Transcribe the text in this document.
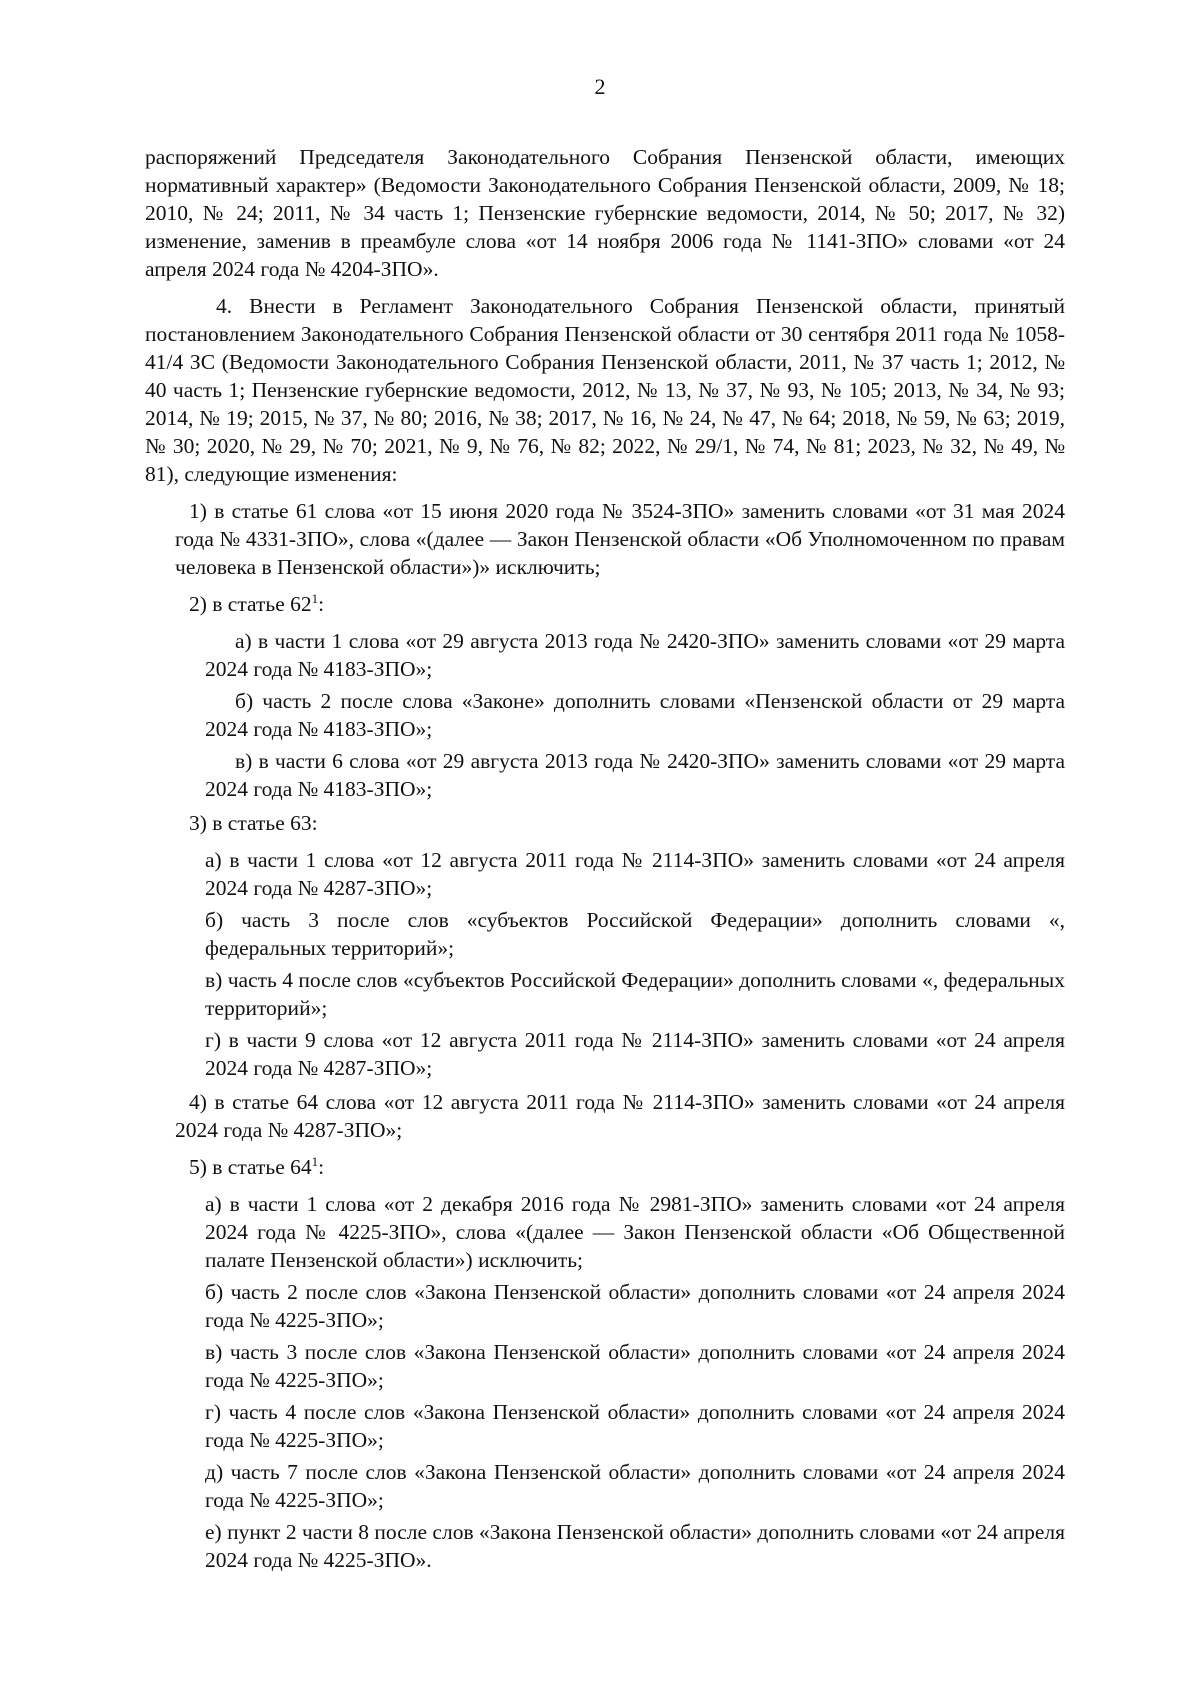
2

распоряжений Председателя Законодательного Собрания Пензенской области, имеющих нормативный характер» (Ведомости Законодательного Собрания Пензенской области, 2009, № 18; 2010, № 24; 2011, № 34 часть 1; Пензенские губернские ведомости, 2014, № 50; 2017, № 32) изменение, заменив в преамбуле слова «от 14 ноября 2006 года № 1141-ЗПО» словами «от 24 апреля 2024 года № 4204-ЗПО».

4. Внести в Регламент Законодательного Собрания Пензенской области, принятый постановлением Законодательного Собрания Пензенской области от 30 сентября 2011 года № 1058-41/4 ЗС (Ведомости Законодательного Собрания Пензенской области, 2011, № 37 часть 1; 2012, № 40 часть 1; Пензенские губернские ведомости, 2012, № 13, № 37, № 93, № 105; 2013, № 34, № 93; 2014, № 19; 2015, № 37, № 80; 2016, № 38; 2017, № 16, № 24, № 47, № 64; 2018, № 59, № 63; 2019, № 30; 2020, № 29, № 70; 2021, № 9, № 76, № 82; 2022, № 29/1, № 74, № 81; 2023, № 32, № 49, № 81), следующие изменения:

1) в статье 61 слова «от 15 июня 2020 года № 3524-ЗПО» заменить словами «от 31 мая 2024 года № 4331-ЗПО», слова «(далее — Закон Пензенской области «Об Уполномоченном по правам человека в Пензенской области»)» исключить;

2) в статье $62^1$:

а) в части 1 слова «от 29 августа 2013 года № 2420-ЗПО» заменить словами «от 29 марта 2024 года № 4183-ЗПО»;

б) часть 2 после слова «Законе» дополнить словами «Пензенской области от 29 марта 2024 года № 4183-ЗПО»;

в) в части 6 слова «от 29 августа 2013 года № 2420-ЗПО» заменить словами «от 29 марта 2024 года № 4183-ЗПО»;

3) в статье 63:

а) в части 1 слова «от 12 августа 2011 года № 2114-ЗПО» заменить словами «от 24 апреля 2024 года № 4287-ЗПО»;

б) часть 3 после слов «субъектов Российской Федерации» дополнить словами «, федеральных территорий»;

в) часть 4 после слов «субъектов Российской Федерации» дополнить словами «, федеральных территорий»;

г) в части 9 слова «от 12 августа 2011 года № 2114-ЗПО» заменить словами «от 24 апреля 2024 года № 4287-ЗПО»;

4) в статье 64 слова «от 12 августа 2011 года № 2114-ЗПО» заменить словами «от 24 апреля 2024 года № 4287-ЗПО»;

5) в статье $64^1$:

а) в части 1 слова «от 2 декабря 2016 года № 2981-ЗПО» заменить словами «от 24 апреля 2024 года № 4225-ЗПО», слова «(далее — Закон Пензенской области «Об Общественной палате Пензенской области») исключить;

б) часть 2 после слов «Закона Пензенской области» дополнить словами «от 24 апреля 2024 года № 4225-ЗПО»;

в) часть 3 после слов «Закона Пензенской области» дополнить словами «от 24 апреля 2024 года № 4225-ЗПО»;

г) часть 4 после слов «Закона Пензенской области» дополнить словами «от 24 апреля 2024 года № 4225-ЗПО»;

д) часть 7 после слов «Закона Пензенской области» дополнить словами «от 24 апреля 2024 года № 4225-ЗПО»;

е) пункт 2 части 8 после слов «Закона Пензенской области» дополнить словами «от 24 апреля 2024 года № 4225-ЗПО».
